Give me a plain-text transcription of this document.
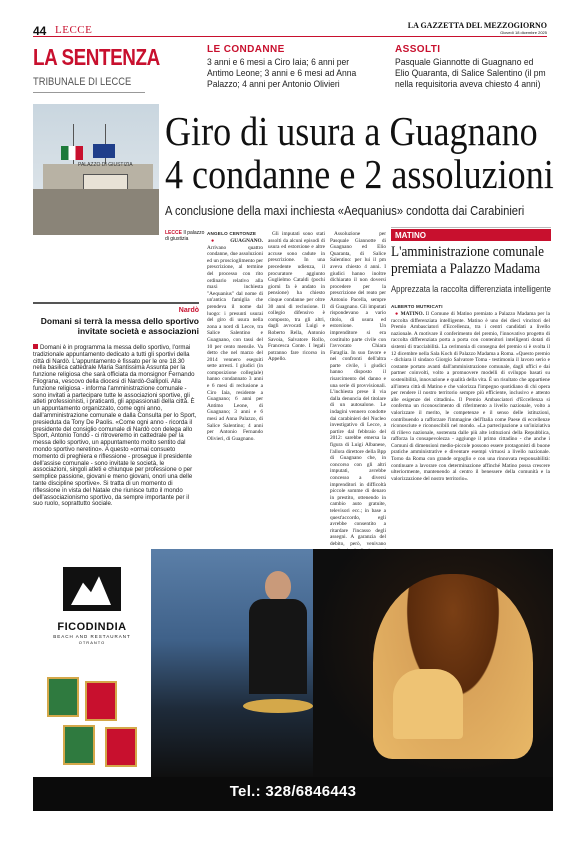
44 LECCE	LA GAZZETTA DEL MEZZOGIORNO
Giovedì 18 dicembre 2025
LA SENTENZA
TRIBUNALE DI LECCE
LE CONDANNE

3 anni e 6 mesi a Ciro Iaia; 6 anni per Antimo Leone; 3 anni e 6 mesi ad Anna Palazzo; 4 anni per Antonio Olivieri

ASSOLTI

Pasquale Giannotte di Guagnano ed Elio Quaranta, di Salice Salentino (il pm nella requisitoria aveva chiesto 4 anni)

PALAZZO DI GIUSTIZIA
Giro di usura a Guagnano
4 condanne e 2 assoluzioni
A conclusione della maxi inchiesta «Aequanius» condotta dai Carabinieri
LECCE Il palazzo di giustizia
ANGELO CENTONZE

● GUAGNANO. Arrivano quattro condanne, due assoluzioni ed un proscioglimento per prescrizione, al termine del processo con rito ordinario relativo alla maxi inchiesta "Aequanius" dal nome di un'antica famiglia che prendeva il nome dal luogo: i presunti usurai del giro di usura nella zona a nord di Lecce, tra Salice Salentino e Guagnano, con tassi del 10 per cento mensile. Va detto che nel marzo del 2014 vennero eseguiti sette arresti. I giudici (in composizione collegiale) hanno condannato 3 anni e 6 mesi di reclusione a Ciro Iaia, residente a Guagnano; 6 anni per Antimo Leone, di Guagnano; 3 anni e 6 mesi ad Anna Palazzo, di Salice Salentino; 4 anni per Antonio Fernando Olivieri, di Guagnano.

Gli imputati sono stati assolti da alcuni episodi di usura ed estorsione e altre accuse sono cadute in prescrizione. In una precedente udienza, il procuratore aggiunto Guglielmo Cataldi (pochi giorni fa è andato in pensione) ha chiesto cinque condanne per oltre 30 anni di reclusione. Il collegio difensivo è composto, tra gli altri, dagli avvocati Luigi e Roberto Rella, Antonio Savoia, Salvatore Rollo, Francesca Conte. I legali potranno fare ricorso in Appello.

Assoluzione per Pasquale Giannotte di Guagnano ed Elio Quaranta, di Salice Salentino: per lui il pm aveva chiesto 4 anni. I giudici hanno inoltre dichiarato il non doversi procedere per la prescrizione del reato per Antonio Pacella, sempre di Guagnano. Gli imputati rispondevano a vario titolo, di usura ed estorsione. Un imprenditore si era costituito parte civile con l'avvocato Chiara Faraglia. In suo favore e nei confronti dell'altra parte civile, i giudici hanno disposto il risarcimento del danno e una serie di provvisionali. L'inchiesta prese il via dalla denuncia del titolare di un autosalone. Le indagini vennero condotte dai carabinieri del Nucleo investigativo di Lecce, a partire dal febbraio del 2012: sarebbe emersa la figura di Luigi Albanese, l'allora direttore della Bpp di Guagnano che, in concorso con gli altri imputati, avrebbe concesso a diversi imprenditori in difficoltà piccole somme di denaro in prestito, ottenendo in cambio auto gratuite, televisori ecc.; in base a quest'accordo, egli avrebbe consentito a ritardare l'incasso degli assegni. A garanzia del debito, però, venivano

Nardò
Domani si terrà la messa dello sportivo invitate società e associazioni
Domani è in programma la messa dello sportivo, l'ormai tradizionale appuntamento dedicato a tutti gli sportivi della città di Nardò. L'appuntamento è fissato per le ore 18.30 nella basilica cattedrale Maria Santissima Assunta per la funzione religiosa che sarà officiata da monsignor Fernando Filograna, vescovo della diocesi di Nardò-Gallipoli. Alla funzione religiosa - informa l'amministrazione comunale - sono invitati a partecipare tutte le associazioni sportive, gli atleti professionisti, i praticanti, gli appassionati della città. È un appuntamento organizzato, come ogni anno, dall'amministrazione comunale e dalla Consulta per lo Sport, presieduta da Tony De Paolis. «Come ogni anno - ricorda il presidente del consiglio comunale di Nardò con delega allo Sport, Antonio Tondo - ci ritroveremo in cattedrale per la messa dello sportivo, un appuntamento molto sentito dal mondo sportivo neretino». A questo «ormai consueto momento di preghiera e riflessione - prosegue il presidente dell'assise comunale - sono invitate le società, le associazioni, singoli atleti e chiunque per professione o per semplice passione, giovani e meno giovani, onori una delle tante discipline sportive». Si tratta di un momento di riflessione in vista del Natale che riunisce tutto il mondo dell'associazionismo sportivo, da sempre importante per il suo ruolo, soprattutto sociale.
MATINO
L'amministrazione comunale
premiata a Palazzo Madama
Apprezzata la raccolta differenziata intelligente
ALBERTO MUTRICATI

● MATINO. Il Comune di Matino premiato a Palazzo Madama per la raccolta differenziata intelligente. Matino è uno dei dieci vincitori del Premio Ambasciatori d'Eccellenza, tra i centri candidati a livello nazionale. A motivare il conferimento del premio, l'innovativo progetto di raccolta differenziata porta a porta con contenitori intelligenti dotati di sistemi di tracciabilità. La cerimonia di consegna del premio si è svolta il 12 dicembre nella Sala Koch di Palazzo Madama a Roma. «Questo premio - dichiara il sindaco Giorgio Salvatore Toma - testimonia il lavoro serio e costante portato avanti dall'amministrazione comunale, dagli uffici e dai partner coinvolti, volto a promuovere modelli di sviluppo basati su sostenibilità, innovazione e qualità della vita. È un risultato che appartiene all'intera città di Matino e che valorizza l'impegno quotidiano di chi opera per rendere il nostro territorio sempre più efficiente, inclusivo e attento alle esigenze dei cittadini». Il Premio Ambasciatori d'Eccellenza si conferma un riconoscimento di riferimento a livello nazionale, volto a valorizzare il merito, le competenze e il senso delle istituzioni, contribuendo a rafforzare l'immagine dell'Italia come Paese di eccellenze riconosciute e riconoscibili nel mondo. «La partecipazione a un'iniziativa di rilievo nazionale, sostenuta dalle più alte istituzioni della Repubblica, rafforza la consapevolezza - aggiunge il primo cittadino - che anche i Comuni di dimensioni medio-piccole possono essere protagonisti di buone pratiche amministrative e diventare esempi virtuosi a livello nazionale. Torno da Roma con grande orgoglio e con una rinnovata responsabilità: continuare a lavorare con determinazione affinché Matino possa crescere ulteriormente, mantenendo al centro il benessere della comunità e la valorizzazione del nostro territorio».

FICODINDIA
BEACH AND RESTAURANT
OTRANTO
Tel.: 328/6846443
